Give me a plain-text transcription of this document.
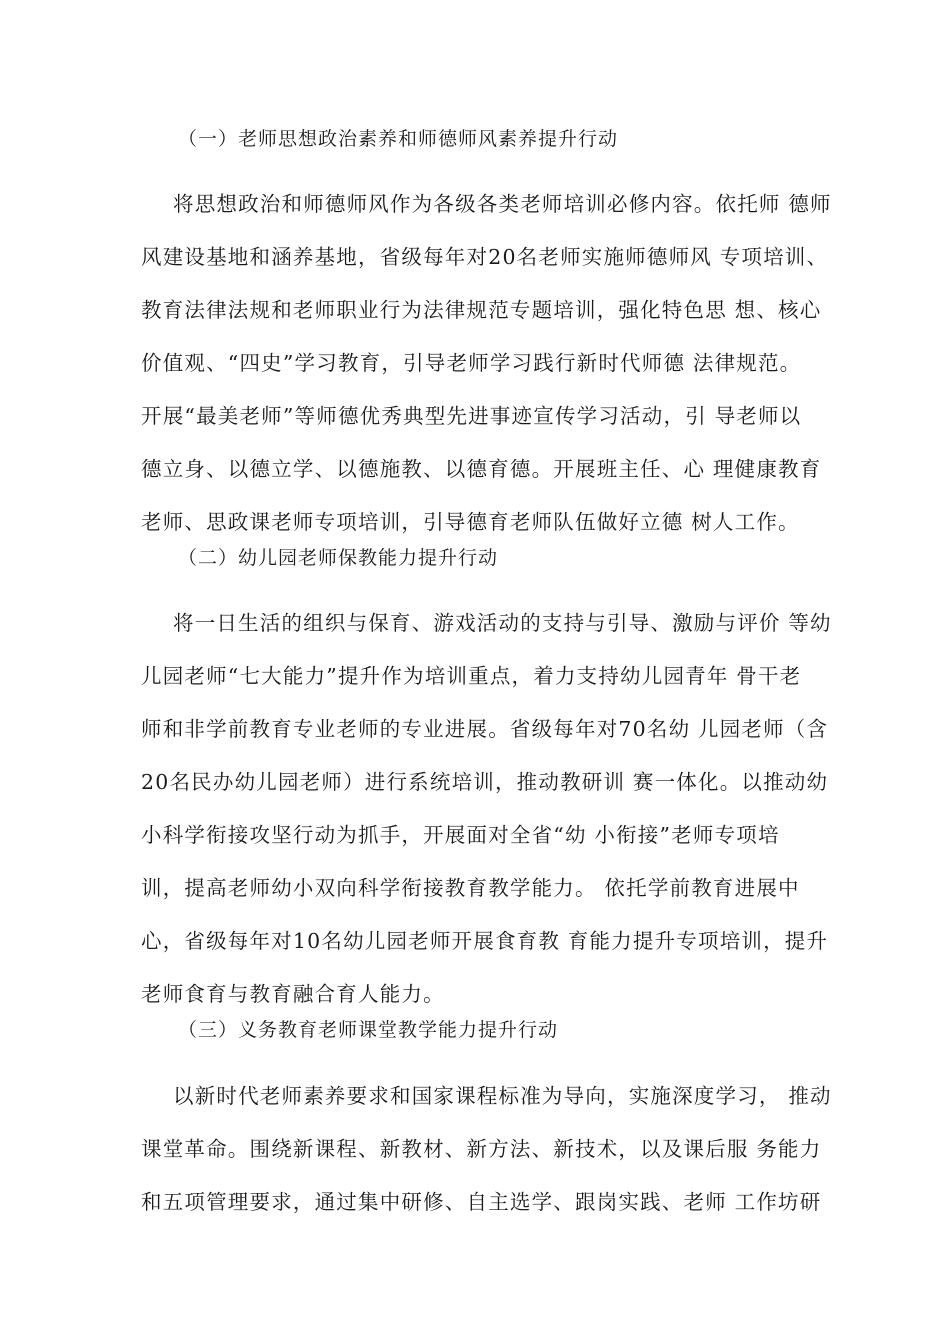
（一）老师思想政治素养和师德师风素养提升行动
将思想政治和师德师风作为各级各类老师培训必修内容。依托师 德师
风建设基地和涵养基地，省级每年对20名老师实施师德师风 专项培训、
教育法律法规和老师职业行为法律规范专题培训，强化特色思 想、核心
价值观、“四史”学习教育，引导老师学习践行新时代师德 法律规范。
开展“最美老师”等师德优秀典型先进事迹宣传学习活动，引 导老师以
德立身、以德立学、以德施教、以德育德。开展班主任、心 理健康教育
老师、思政课老师专项培训，引导德育老师队伍做好立德 树人工作。
（二）幼儿园老师保教能力提升行动
将一日生活的组织与保育、游戏活动的支持与引导、激励与评价 等幼
儿园老师“七大能力”提升作为培训重点，着力支持幼儿园青年 骨干老
师和非学前教育专业老师的专业进展。省级每年对70名幼 儿园老师（含
20名民办幼儿园老师）进行系统培训，推动教研训 赛一体化。以推动幼
小科学衔接攻坚行动为抓手，开展面对全省“幼 小衔接”老师专项培
训，提高老师幼小双向科学衔接教育教学能力。 依托学前教育进展中
心，省级每年对10名幼儿园老师开展食育教 育能力提升专项培训，提升
老师食育与教育融合育人能力。
（三）义务教育老师课堂教学能力提升行动
以新时代老师素养要求和国家课程标准为导向，实施深度学习， 推动
课堂革命。围绕新课程、新教材、新方法、新技术，以及课后服 务能力
和五项管理要求，通过集中研修、自主选学、跟岗实践、老师 工作坊研
